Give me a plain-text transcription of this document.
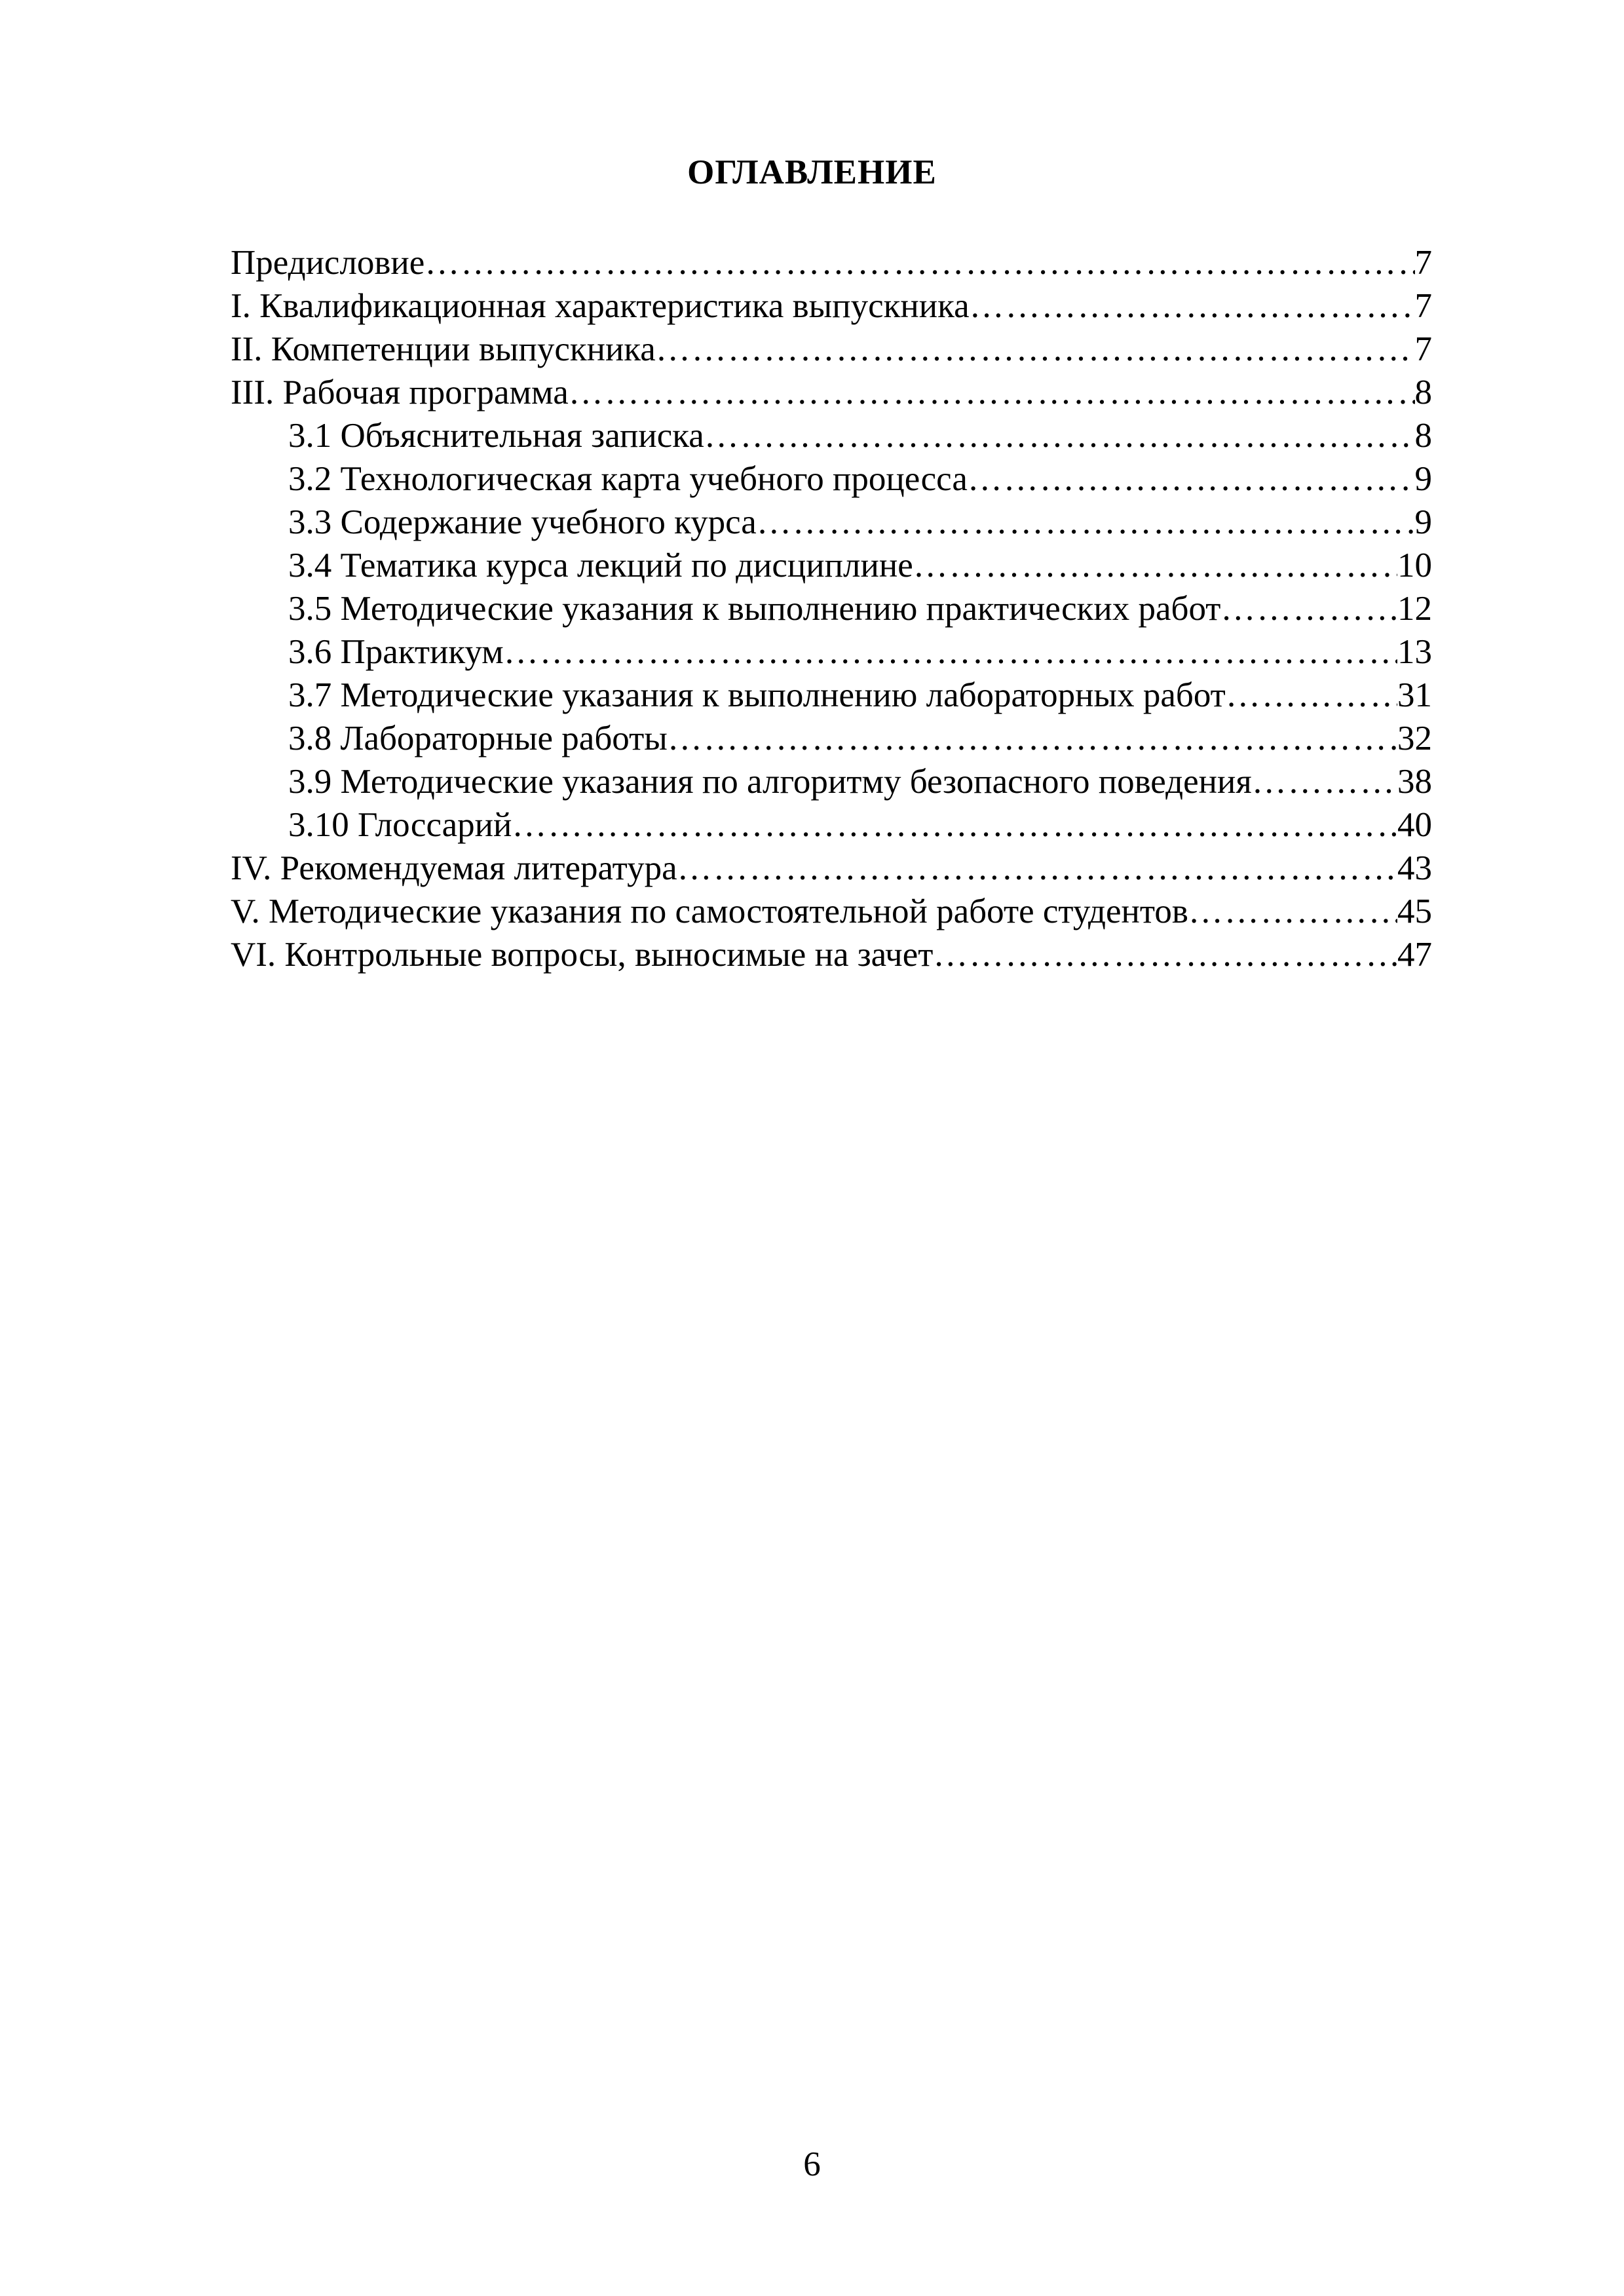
ОГЛАВЛЕНИЕ
Предисловие …………………………………………………………………………………………………………………………………………………………………………………………………………………………………………………	7
I. Квалификационная характеристика выпускника …………………………………………………………………………………………………………………………………………………………………………………………………………………………………………………	7
II. Компетенции выпускника …………………………………………………………………………………………………………………………………………………………………………………………………………………………………………………	7
III. Рабочая программа …………………………………………………………………………………………………………………………………………………………………………………………………………………………………………………	8
3.1 Объяснительная записка …………………………………………………………………………………………………………………………………………………………………………………………………………………………………………………	8
3.2 Технологическая карта учебного процесса …………………………………………………………………………………………………………………………………………………………………………………………………………………………………………………	9
3.3 Содержание учебного курса …………………………………………………………………………………………………………………………………………………………………………………………………………………………………………………	9
3.4 Тематика курса лекций по дисциплине …………………………………………………………………………………………………………………………………………………………………………………………………………………………………………………	10
3.5 Методические указания к выполнению практических работ …………………………………………………………………………………………………………………………………………………………………………………………………………………………………………………	12
3.6 Практикум …………………………………………………………………………………………………………………………………………………………………………………………………………………………………………………	13
3.7 Методические указания к выполнению лабораторных работ …………………………………………………………………………………………………………………………………………………………………………………………………………………………………………………	31
3.8 Лабораторные работы …………………………………………………………………………………………………………………………………………………………………………………………………………………………………………………	32
3.9 Методические указания по алгоритму безопасного поведения …………………………………………………………………………………………………………………………………………………………………………………………………………………………………………………	38
3.10 Глоссарий …………………………………………………………………………………………………………………………………………………………………………………………………………………………………………………	40
IV. Рекомендуемая литература …………………………………………………………………………………………………………………………………………………………………………………………………………………………………………………	43
V. Методические указания по самостоятельной работе студентов …………………………………………………………………………………………………………………………………………………………………………………………………………………………………………………	45
VI. Контрольные вопросы, выносимые на зачет …………………………………………………………………………………………………………………………………………………………………………………………………………………………………………………	47
6
